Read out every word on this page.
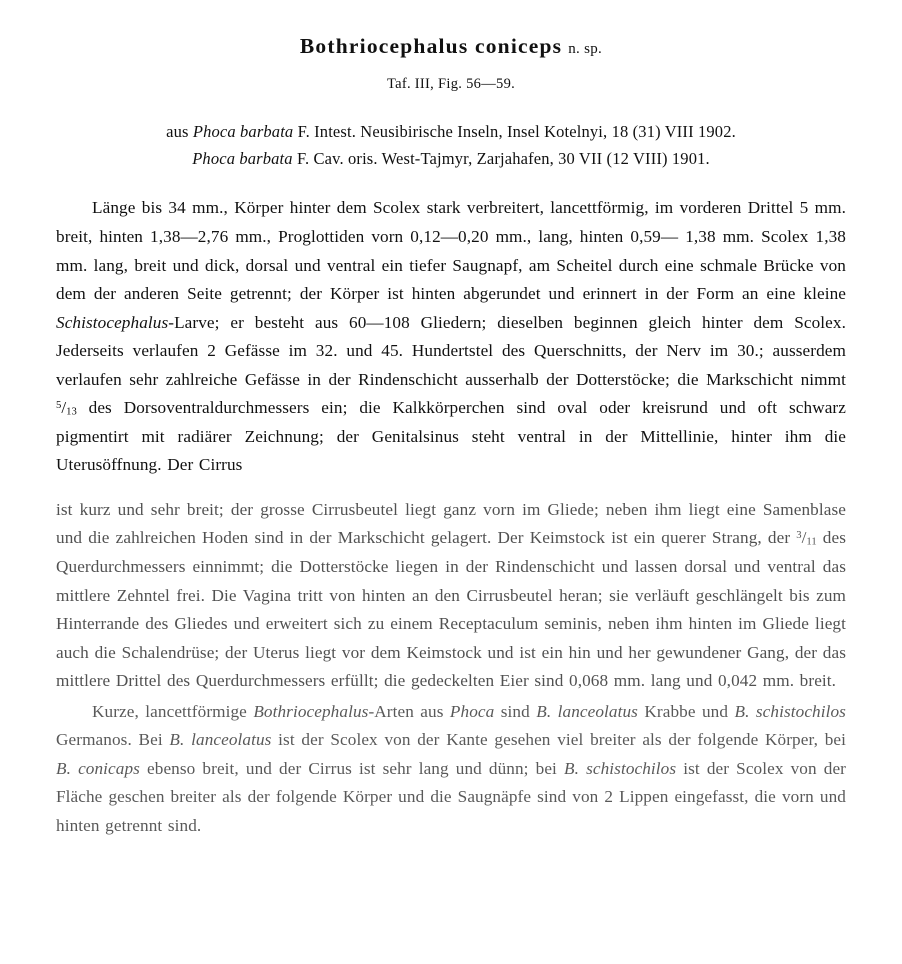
Bothriocephalus coniceps n. sp.
Taf. III, Fig. 56—59.
aus Phoca barbata F. Intest. Neusibirische Inseln, Insel Kotelnyi, 18 (31) VIII 1902.
Phoca barbata F. Cav. oris. West-Tajmyr, Zarjahafen, 30 VII (12 VIII) 1901.

Länge bis 34 mm., Körper hinter dem Scolex stark verbreitert, lancettförmig, im vorderen Drittel 5 mm. breit, hinten 1,38—2,76 mm., Proglottiden vorn 0,12—0,20 mm., lang, hinten 0,59— 1,38 mm. Scolex 1,38 mm. lang, breit und dick, dorsal und ventral ein tiefer Saugnapf, am Scheitel durch eine schmale Brücke von dem der anderen Seite getrennt; der Körper ist hinten abgerundet und erinnert in der Form an eine kleine Schistocephalus-Larve; er besteht aus 60—108 Gliedern; dieselben beginnen gleich hinter dem Scolex. Jederseits verlaufen 2 Gefässe im 32. und 45. Hundertstel des Querschnitts, der Nerv im 30.; ausserdem verlaufen sehr zahlreiche Gefässe in der Rindenschicht ausserhalb der Dotterstöcke; die Markschicht nimmt $^5/_{13}$ des Dorsoventraldurchmessers ein; die Kalkkörperchen sind oval oder kreisrund und oft schwarz pigmentirt mit radiärer Zeichnung; der Genitalsinus steht ventral in der Mittellinie, hinter ihm die Uterusöffnung. Der Cirrus

ist kurz und sehr breit; der grosse Cirrusbeutel liegt ganz vorn im Gliede; neben ihm liegt eine Samenblase und die zahlreichen Hoden sind in der Markschicht gelagert. Der Keimstock ist ein querer Strang, der $^3/_{11}$ des Querdurchmessers einnimmt; die Dotterstöcke liegen in der Rindenschicht und lassen dorsal und ventral das mittlere Zehntel frei. Die Vagina tritt von hinten an den Cirrusbeutel heran; sie verläuft geschlängelt bis zum Hinterrande des Gliedes und erweitert sich zu einem Receptaculum seminis, neben ihm hinten im Gliede liegt auch die Schalendrüse; der Uterus liegt vor dem Keimstock und ist ein hin und her gewundener Gang, der das mittlere Drittel des Querdurchmessers erfüllt; die gedeckelten Eier sind 0,068 mm. lang und 0,042 mm. breit.

Kurze, lancettförmige Bothriocephalus-Arten aus Phoca sind B. lanceolatus Krabbe und B. schistochilos Germanos. Bei B. lanceolatus ist der Scolex von der Kante gesehen viel breiter als der folgende Körper, bei B. conicaps ebenso breit, und der Cirrus ist sehr lang und dünn; bei B. schistochilos ist der Scolex von der Fläche geschen breiter als der folgende Körper und die Saugnäpfe sind von 2 Lippen eingefasst, die vorn und hinten getrennt sind.
